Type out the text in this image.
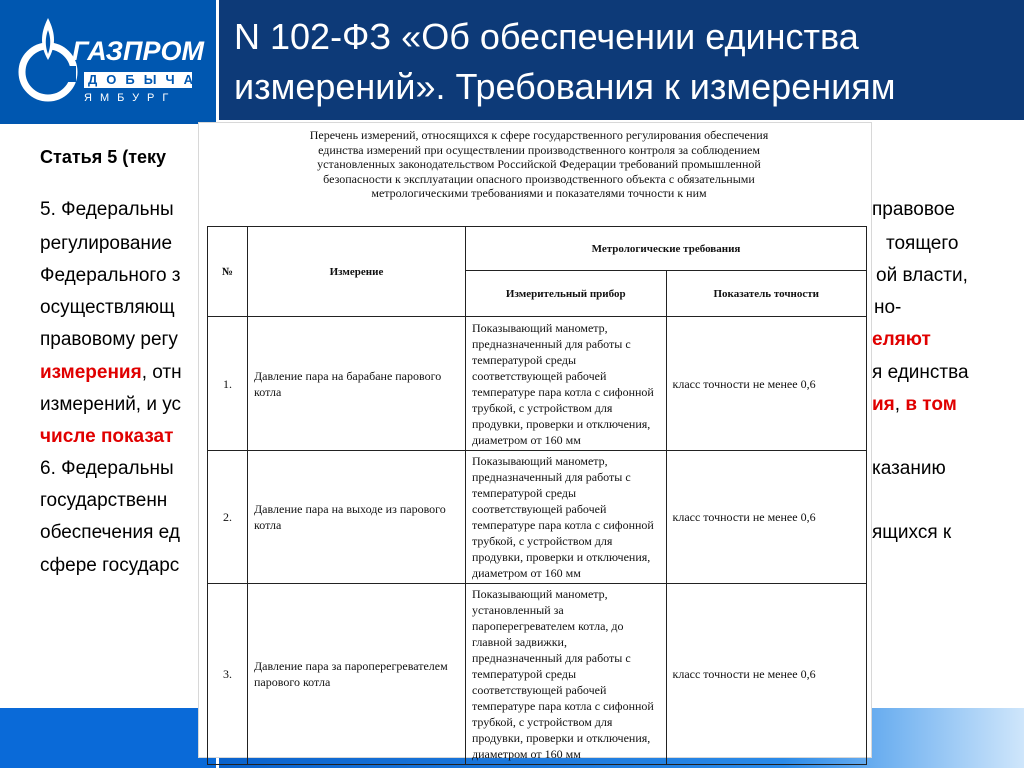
ГАЗПРОМ
ДОБЫЧА
ЯМБУРГ
N 102-ФЗ «Об обеспечении единства
измерений». Требования к измерениям
Статья 5 (теку
5. Федеральны
регулирование
Федерального з
осуществляющ
правовому регу
измерения, отн
измерений, и ус
числе показат
6. Федеральны
государственн
обеспечения ед
сфере государс
правовое
тоящего
ой власти,
но-
еляют
я единства
ия, в том
казанию
ящихся к
Перечень измерений, относящихся к сфере государственного регулирования обеспечения
единства измерений при осуществлении производственного контроля за соблюдением
установленных законодательством Российской Федерации требований промышленной
безопасности к эксплуатации опасного производственного объекта с обязательными
метрологическими требованиями и показателями точности к ним
№	Измерение	Метрологические требования	
		Измерительный прибор	Показатель точности
1.	Давление пара на барабане парового котла	Показывающий манометр, предназначенный для работы с температурой среды соответствующей рабочей температуре пара котла с сифонной трубкой, с устройством для продувки, проверки и отключения, диаметром от 160 мм	класс точности не менее 0,6
2.	Давление пара на выходе из парового котла	Показывающий манометр, предназначенный для работы с температурой среды соответствующей рабочей температуре пара котла с сифонной трубкой, с устройством для продувки, проверки и отключения, диаметром от 160 мм	класс точности не менее 0,6
3.	Давление пара за пароперегревателем парового котла	Показывающий манометр, установленный за пароперегревателем котла, до главной задвижки, предназначенный для работы с температурой среды соответствующей рабочей температуре пара котла с сифонной трубкой, с устройством для продувки, проверки и отключения, диаметром от 160 мм	класс точности не менее 0,6
